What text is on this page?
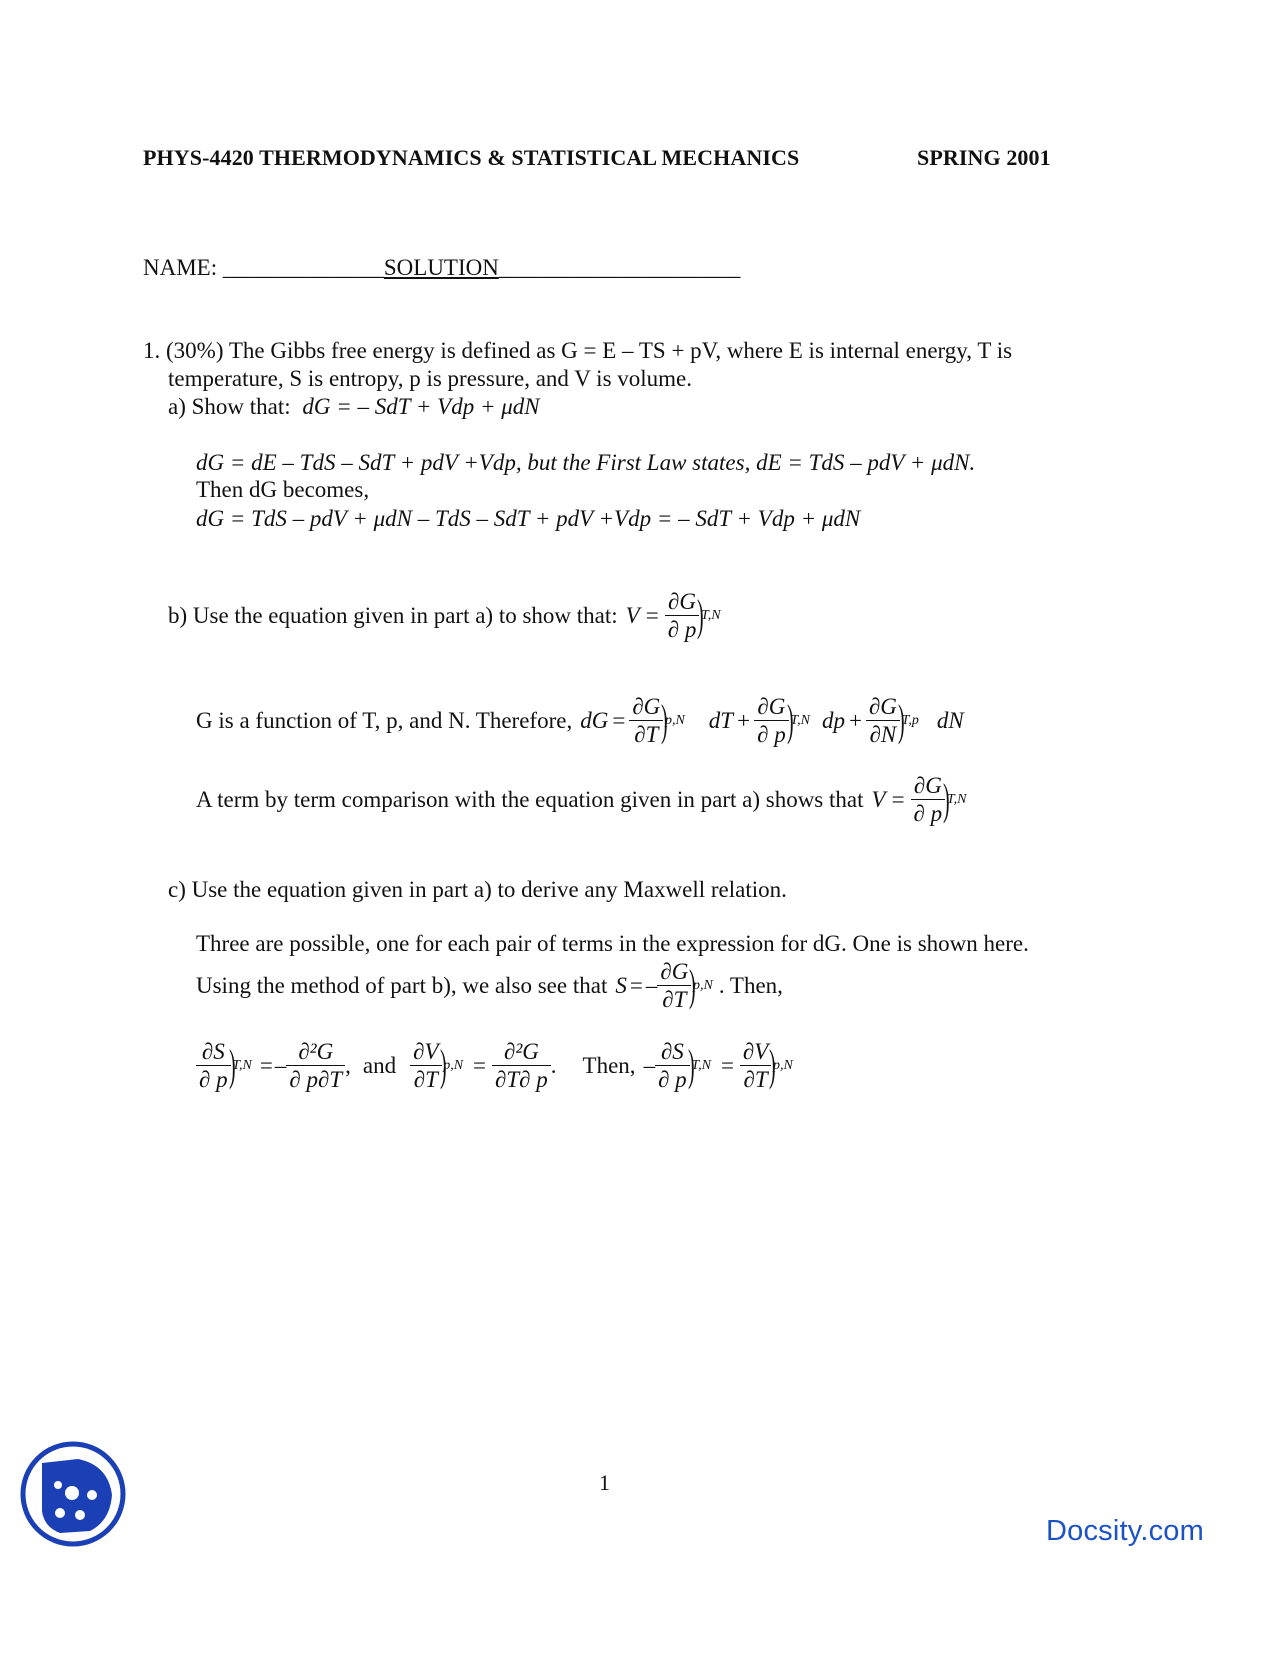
PHYS-4420 THERMODYNAMICS & STATISTICAL MECHANICS	SPRING 2001
NAME: ______________SOLUTION_____________________
1. (30%) The Gibbs free energy is defined as G = E – TS + pV, where E is internal energy, T is
temperature, S is entropy, p is pressure, and V is volume.
a) Show that: dG = – SdT + Vdp + μdN
dG = dE – TdS – SdT + pdV +Vdp, but the First Law states, dE = TdS – pdV + μdN.
Then dG becomes,
dG = TdS – pdV + μdN – TdS – SdT + pdV +Vdp = – SdT + Vdp + μdN
b) Use the equation given in part a) to show that: $V = \frac{\partial G}{\partial p}$
)
T,N
G is a function of T, p, and N. Therefore, dG = $\frac{\partial G}{\partial T}$
)
p,N dT + $\frac{\partial G}{\partial p}$
)
T,N dp + $\frac{\partial G}{\partial N}$
)
T,p dN
A term by term comparison with the equation given in part a) shows that $V = \frac{\partial G}{\partial p}$
)
T,N
c) Use the equation given in part a) to derive any Maxwell relation.
Three are possible, one for each pair of terms in the expression for dG. One is shown here.
Using the method of part b), we also see that S = – $\frac{\partial G}{\partial T}$
)
p,N . Then,
$\frac{\partial S}{\partial p}$
)
T,N = – $\frac{\text{∂²G}}{\partial p\partial T}$ , and $\frac{\partial V}{\partial T}$
)
$p,N = \frac{\text{∂²G}}{\partial T\partial p}$ . Then, – $\frac{\partial S}{\partial p}$
)
$T,N = \frac{\partial V}{\partial T}$
)
p,N
1
Docsity.com
